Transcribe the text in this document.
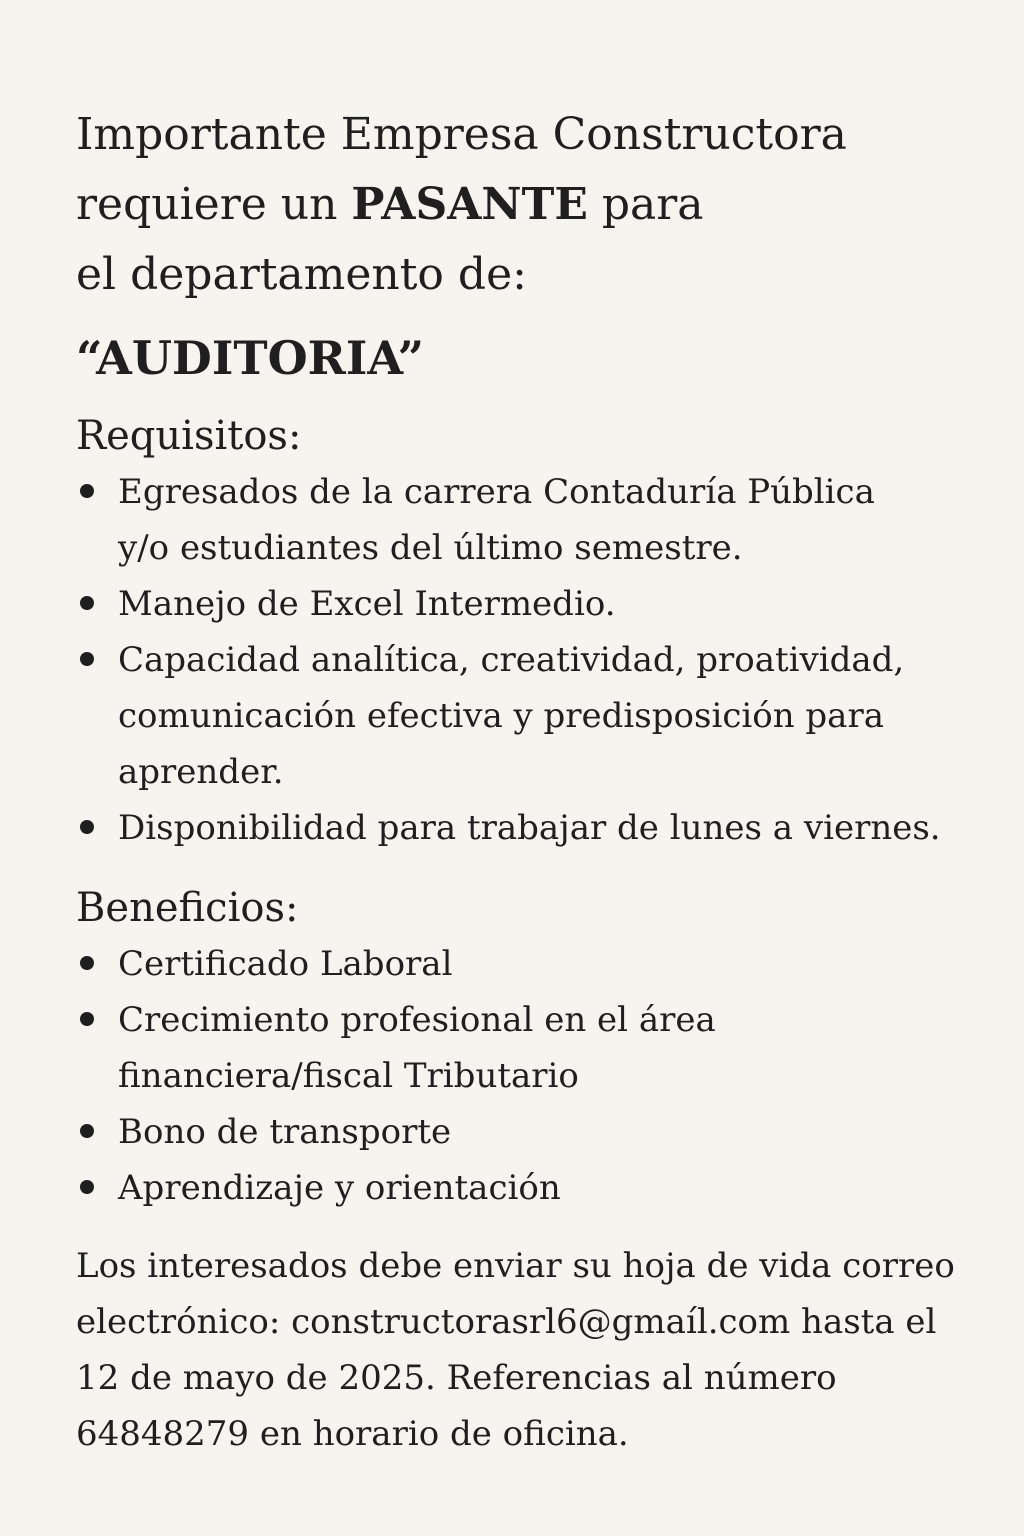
Importante Empresa Constructora
requiere un PASANTE para
el departamento de:
“AUDITORIA”
Requisitos:
Egresados de la carrera Contaduría Pública
y/o estudiantes del último semestre.
Manejo de Excel Intermedio.
Capacidad analítica, creatividad, proatividad,
comunicación efectiva y predisposición para
aprender.
Disponibilidad para trabajar de lunes a viernes.
Beneficios:
Certificado Laboral
Crecimiento profesional en el área
financiera/fiscal Tributario
Bono de transporte
Aprendizaje y orientación

Los interesados debe enviar su hoja de vida correo
electrónico: constructorasrl6@gmaíl.com hasta el
12 de mayo de 2025. Referencias al número
64848279 en horario de oficina.
